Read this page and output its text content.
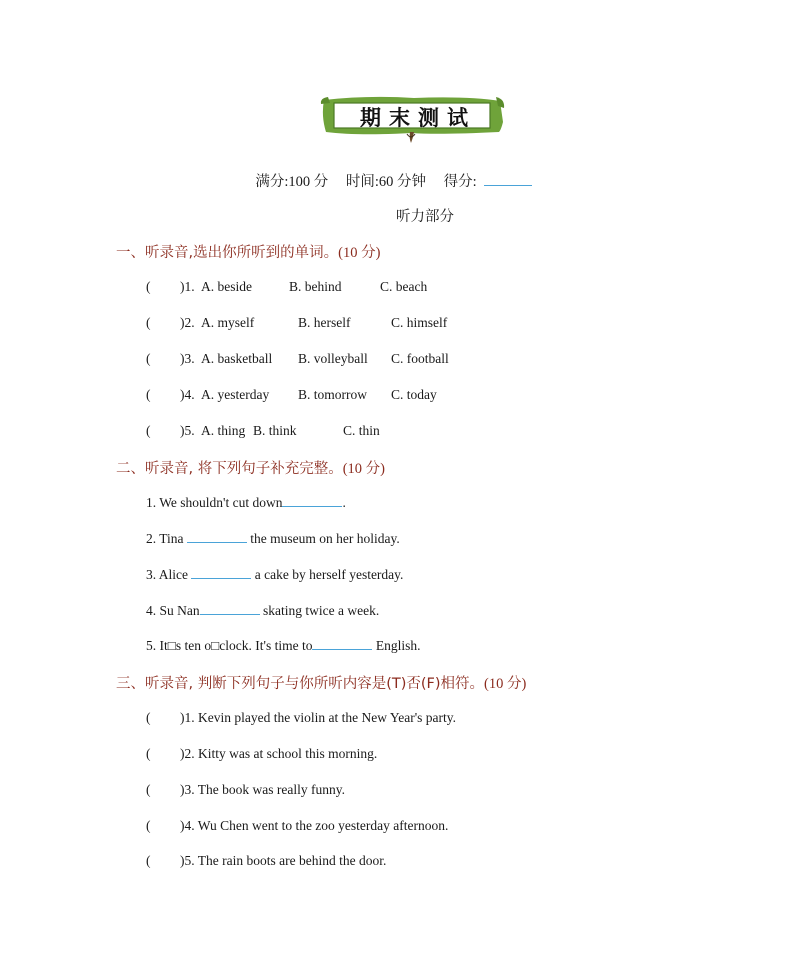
期末测试
满分:100 分 时间:60 分钟 得分:
听力部分
一、听录音,选出你所听到的单词。(10 分)
( )1. A. beside	B. behind	C. beach
( )2. A. myself	B. herself	C. himself
( )3. A. basketball B. volleyball C. football
( )4. A. yesterday B. tomorrow C. today
( )5. A. thing B. think	C. thin
二、听录音, 将下列句子补充完整。(10 分)
1. We shouldn't cut down	.
2. Tina	the museum on her holiday.
3. Alice	a cake by herself yesterday.
4. Su Nan	skating twice a week.
5. It□s ten o□clock. It's time to	English.
三、听录音, 判断下列句子与你所听内容是(T)否(F)相符。(10 分)
( )1. Kevin played the violin at the New Year's party.
( )2. Kitty was at school this morning.
( )3. The book was really funny.
( )4. Wu Chen went to the zoo yesterday afternoon.
( )5. The rain boots are behind the door.
